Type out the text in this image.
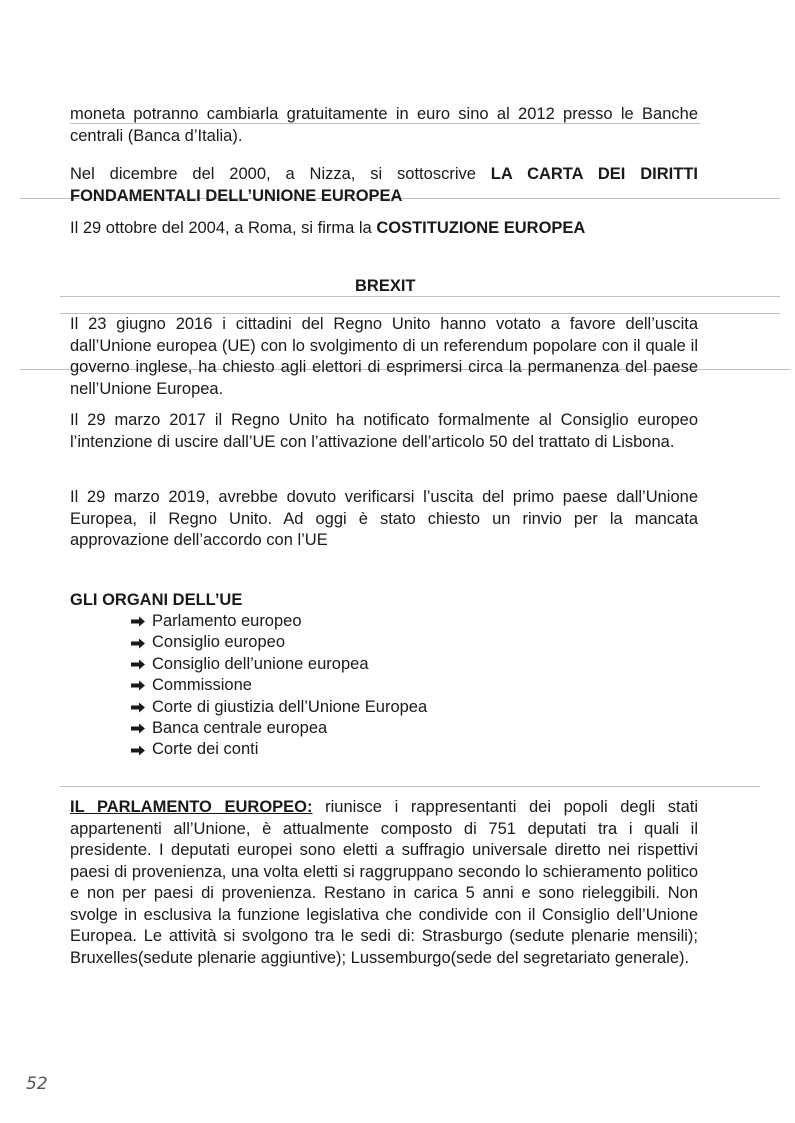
moneta potranno cambiarla gratuitamente in euro sino al 2012 presso le Banche centrali (Banca d’Italia).

Nel dicembre del 2000, a Nizza, si sottoscrive LA CARTA DEI DIRITTI FONDAMENTALI DELL’UNIONE EUROPEA

Il 29 ottobre del 2004, a Roma, si firma la COSTITUZIONE EUROPEA

BREXIT

Il 23 giugno 2016 i cittadini del Regno Unito hanno votato a favore dell’uscita dall’Unione europea (UE) con lo svolgimento di un referendum popolare con il quale il governo inglese, ha chiesto agli elettori di esprimersi circa la permanenza del paese nell’Unione Europea.

Il 29 marzo 2017 il Regno Unito ha notificato formalmente al Consiglio europeo l’intenzione di uscire dall’UE con l’attivazione dell’articolo 50 del trattato di Lisbona.

Il 29 marzo 2019, avrebbe dovuto verificarsi l’uscita del primo paese dall’Unione Europea, il Regno Unito. Ad oggi è stato chiesto un rinvio per la mancata approvazione dell’accordo con l’UE

GLI ORGANI DELL’UE
Parlamento europeo
Consiglio europeo
Consiglio dell’unione europea
Commissione
Corte di giustizia dell’Unione Europea
Banca centrale europea
Corte dei conti

IL PARLAMENTO EUROPEO: riunisce i rappresentanti dei popoli degli stati appartenenti all’Unione, è attualmente composto di 751 deputati tra i quali il presidente. I deputati europei sono eletti a suffragio universale diretto nei rispettivi paesi di provenienza, una volta eletti si raggruppano secondo lo schieramento politico e non per paesi di provenienza. Restano in carica 5 anni e sono rieleggibili. Non svolge in esclusiva la funzione legislativa che condivide con il Consiglio dell’Unione Europea. Le attività si svolgono tra le sedi di: Strasburgo (sedute plenarie mensili); Bruxelles(sedute plenarie aggiuntive); Lussemburgo(sede del segretariato generale).

52
